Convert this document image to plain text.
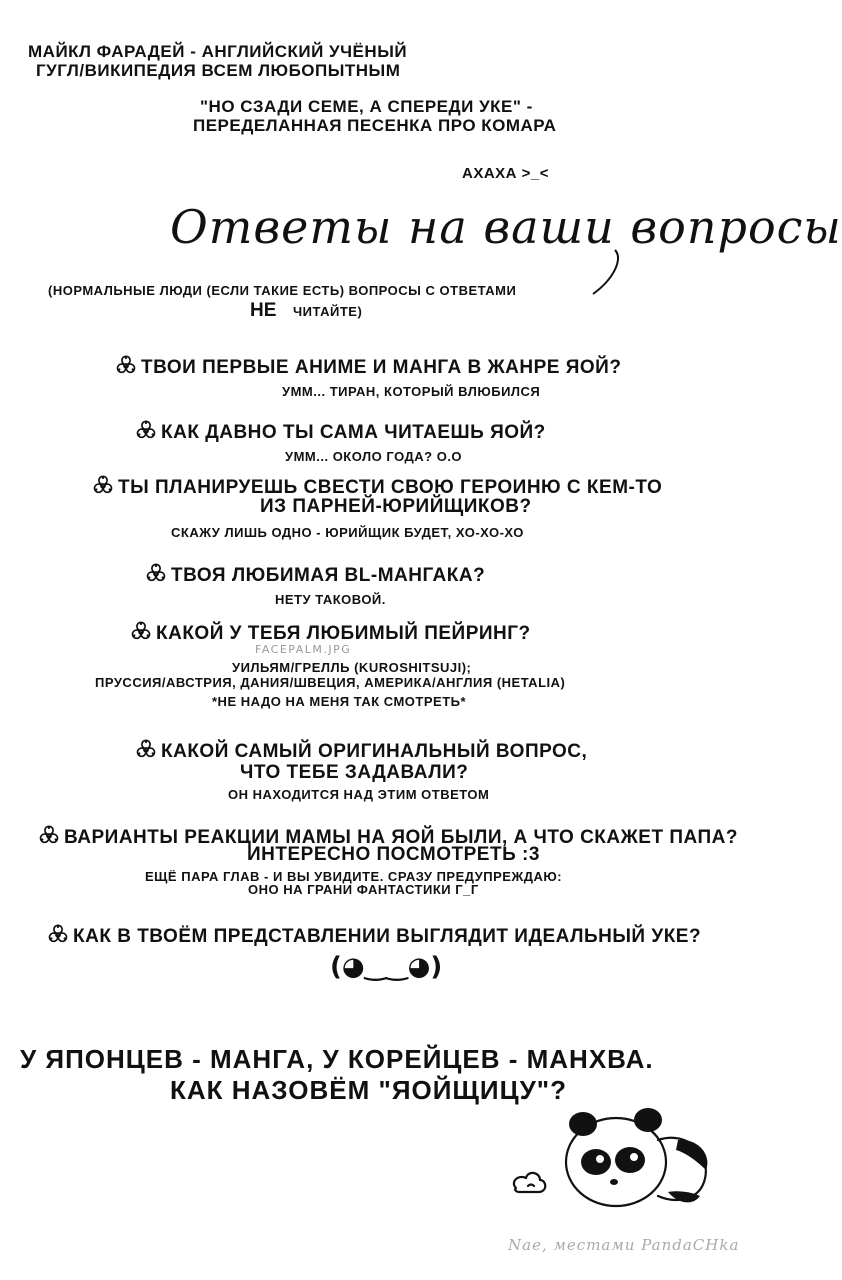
МАЙКЛ ФАРАДЕЙ - АНГЛИЙСКИЙ УЧЁНЫЙ

ГУГЛ/ВИКИПЕДИЯ ВСЕМ ЛЮБОПЫТНЫМ

"НО СЗАДИ СЕМЕ, А СПЕРЕДИ УКЕ" -

ПЕРЕДЕЛАННАЯ ПЕСЕНКА ПРО КОМАРА

АХАХА >_<

Ответы на ваши вопросы

(НОРМАЛЬНЫЕ ЛЮДИ (ЕСЛИ ТАКИЕ ЕСТЬ) ВОПРОСЫ С ОТВЕТАМИ

НЕ ЧИТАЙТЕ)

ТВОИ ПЕРВЫЕ АНИМЕ И МАНГА В ЖАНРЕ ЯОЙ?

УММ... ТИРАН, КОТОРЫЙ ВЛЮБИЛСЯ

КАК ДАВНО ТЫ САМА ЧИТАЕШЬ ЯОЙ?

УММ... ОКОЛО ГОДА? O.O

ТЫ ПЛАНИРУЕШЬ СВЕСТИ СВОЮ ГЕРОИНЮ С КЕМ-ТО

ИЗ ПАРНЕЙ-ЮРИЙЩИКОВ?

СКАЖУ ЛИШЬ ОДНО - ЮРИЙЩИК БУДЕТ, ХО-ХО-ХО

ТВОЯ ЛЮБИМАЯ BL-МАНГАКА?

НЕТУ ТАКОВОЙ.

КАКОЙ У ТЕБЯ ЛЮБИМЫЙ ПЕЙРИНГ?

FACEPALM.JPG

УИЛЬЯМ/ГРЕЛЛЬ (KUROSHITSUJI);

ПРУССИЯ/АВСТРИЯ, ДАНИЯ/ШВЕЦИЯ, АМЕРИКА/АНГЛИЯ (HETALIA)

*НЕ НАДО НА МЕНЯ ТАК СМОТРЕТЬ*

КАКОЙ САМЫЙ ОРИГИНАЛЬНЫЙ ВОПРОС,

ЧТО ТЕБЕ ЗАДАВАЛИ?

ОН НАХОДИТСЯ НАД ЭТИМ ОТВЕТОМ

ВАРИАНТЫ РЕАКЦИИ МАМЫ НА ЯОЙ БЫЛИ, А ЧТО СКАЖЕТ ПАПА?

ИНТЕРЕСНО ПОСМОТРЕТЬ :3

ЕЩЁ ПАРА ГЛАВ - И ВЫ УВИДИТЕ. СРАЗУ ПРЕДУПРЕЖДАЮ:

ОНО НА ГРАНИ ФАНТАСТИКИ Г_Г

КАК В ТВОЁМ ПРЕДСТАВЛЕНИИ ВЫГЛЯДИТ ИДЕАЛЬНЫЙ УКЕ?

(◕‿‿◕)

У ЯПОНЦЕВ - МАНГА, У КОРЕЙЦЕВ - МАНХВА.

КАК НАЗОВЁМ "ЯОЙЩИЦУ"?

Nae, местами PandaCHka
